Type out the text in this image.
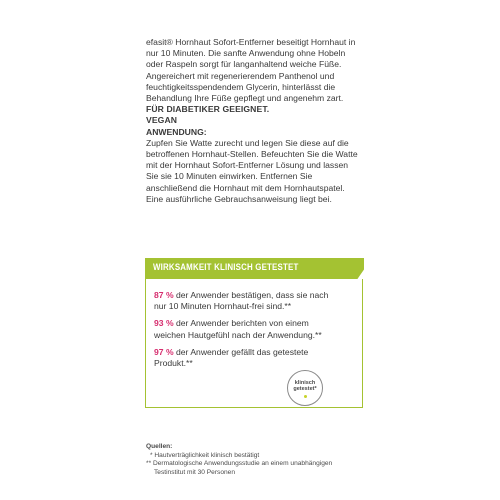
efasit® Hornhaut Sofort-Entferner beseitigt Hornhaut in nur 10 Minuten. Die sanfte Anwendung ohne Hobeln oder Raspeln sorgt für langanhaltend weiche Füße. Angereichert mit regenerierendem Panthenol und feuchtigkeitsspendendem Glycerin, hinterlässt die Behandlung Ihre Füße gepflegt und angenehm zart.

FÜR DIABETIKER GEEIGNET.

VEGAN

ANWENDUNG:

Zupfen Sie Watte zurecht und legen Sie diese auf die betroffenen Hornhaut-Stellen. Befeuchten Sie die Watte mit der Hornhaut Sofort-Entferner Lösung und lassen Sie sie 10 Minuten einwirken. Entfernen Sie anschließend die Hornhaut mit dem Hornhautspatel. Eine ausführliche Gebrauchsanweisung liegt bei.

WIRKSAMKEIT KLINISCH GETESTET

87 % der Anwender bestätigen, dass sie nach nur 10 Minuten Hornhaut-frei sind.**

93 % der Anwender berichten von einem weichen Hautgefühl nach der Anwendung.**

97 % der Anwender gefällt das getestete Produkt.**

klinisch
getestet*

Quellen:

* Hautverträglichkeit klinisch bestätigt

** Dermatologische Anwendungsstudie an einem unabhängigen

Testinstitut mit 30 Personen
